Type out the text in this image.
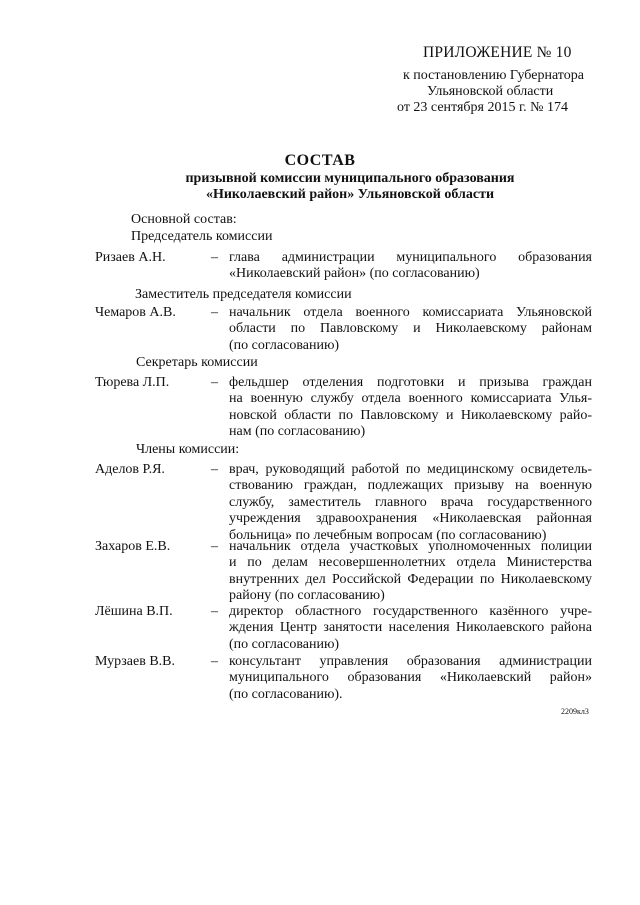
ПРИЛОЖЕНИЕ № 10
к постановлению Губернатора
Ульяновской области
от 23 сентября 2015 г. № 174
СОСТАВ
призывной комиссии муниципального образования
«Николаевский район» Ульяновской области
Основной состав:
Председатель комиссии
Ризаев А.Н.	– глава администрации муниципального образования

«Николаевский район» (по согласованию)

Заместитель председателя комиссии
Чемаров А.В.	– начальник отдела военного комиссариата Ульяновской

области по Павловскому и Николаевскому районам

(по согласованию)

Секретарь комиссии
Тюрева Л.П.	– фельдшер отделения подготовки и призыва граждан

на военную службу отдела военного комиссариата Улья-

новской области по Павловскому и Николаевскому райо-

нам (по согласованию)

Члены комиссии:
Аделов Р.Я.	– врач, руководящий работой по медицинскому освидетель-

ствованию граждан, подлежащих призыву на военную

службу, заместитель главного врача государственного

учреждения здравоохранения «Николаевская районная

больница» по лечебным вопросам (по согласованию)

Захаров Е.В.	– начальник отдела участковых уполномоченных полиции

и по делам несовершеннолетних отдела Министерства

внутренних дел Российской Федерации по Николаевскому

району (по согласованию)

Лёшина В.П.	– директор областного государственного казённого учре-

ждения Центр занятости населения Николаевского района

(по согласованию)

Мурзаев В.В.	– консультант управления образования администрации

муниципального образования «Николаевский район»

(по согласованию).

2209кл3
